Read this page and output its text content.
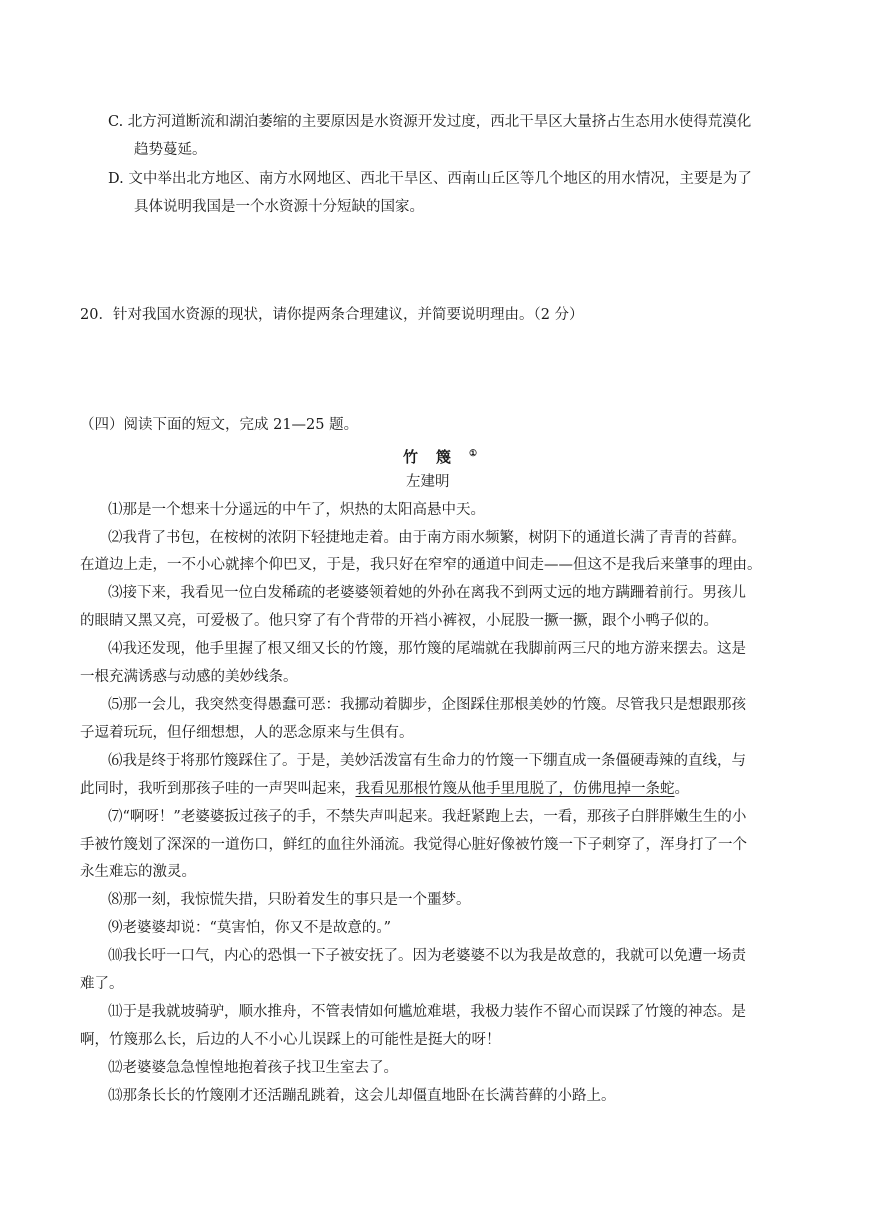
C. 北方河道断流和湖泊萎缩的主要原因是水资源开发过度，西北干旱区大量挤占生态用水使得荒漠化
趋势蔓延。
D. 文中举出北方地区、南方水网地区、西北干旱区、西南山丘区等几个地区的用水情况，主要是为了
具体说明我国是一个水资源十分短缺的国家。
20．针对我国水资源的现状，请你提两条合理建议，并简要说明理由。（2 分）
（四）阅读下面的短文，完成 21—25 题。
竹篾①
左建明
⑴那是一个想来十分遥远的中午了，炽热的太阳高悬中天。
⑵我背了书包，在桉树的浓阴下轻捷地走着。由于南方雨水频繁，树阴下的通道长满了青青的苔藓。
在道边上走，一不小心就摔个仰巴叉，于是，我只好在窄窄的通道中间走——但这不是我后来肇事的理由。
⑶接下来，我看见一位白发稀疏的老婆婆领着她的外孙在离我不到两丈远的地方蹒跚着前行。男孩儿
的眼睛又黑又亮，可爱极了。他只穿了有个背带的开裆小裤衩，小屁股一撅一撅，跟个小鸭子似的。
⑷我还发现，他手里握了根又细又长的竹篾，那竹篾的尾端就在我脚前两三尺的地方游来摆去。这是
一根充满诱惑与动感的美妙线条。
⑸那一会儿，我突然变得愚蠢可恶：我挪动着脚步，企图踩住那根美妙的竹篾。尽管我只是想跟那孩
子逗着玩玩，但仔细想想，人的恶念原来与生俱有。
⑹我是终于将那竹篾踩住了。于是，美妙活泼富有生命力的竹篾一下绷直成一条僵硬毒辣的直线，与
此同时，我听到那孩子哇的一声哭叫起来，我看见那根竹篾从他手里甩脱了，仿佛甩掉一条蛇。
⑺“啊呀！”老婆婆扳过孩子的手，不禁失声叫起来。我赶紧跑上去，一看，那孩子白胖胖嫩生生的小
手被竹篾划了深深的一道伤口，鲜红的血往外涌流。我觉得心脏好像被竹篾一下子刺穿了，浑身打了一个
永生难忘的激灵。
⑻那一刻，我惊慌失措，只盼着发生的事只是一个噩梦。
⑼老婆婆却说：“莫害怕，你又不是故意的。”
⑽我长吁一口气，内心的恐惧一下子被安抚了。因为老婆婆不以为我是故意的，我就可以免遭一场责
难了。
⑾于是我就坡骑驴，顺水推舟，不管表情如何尴尬难堪，我极力装作不留心而误踩了竹篾的神态。是
啊，竹篾那么长，后边的人不小心儿误踩上的可能性是挺大的呀！
⑿老婆婆急急惶惶地抱着孩子找卫生室去了。
⒀那条长长的竹篾刚才还活蹦乱跳着，这会儿却僵直地卧在长满苔藓的小路上。
